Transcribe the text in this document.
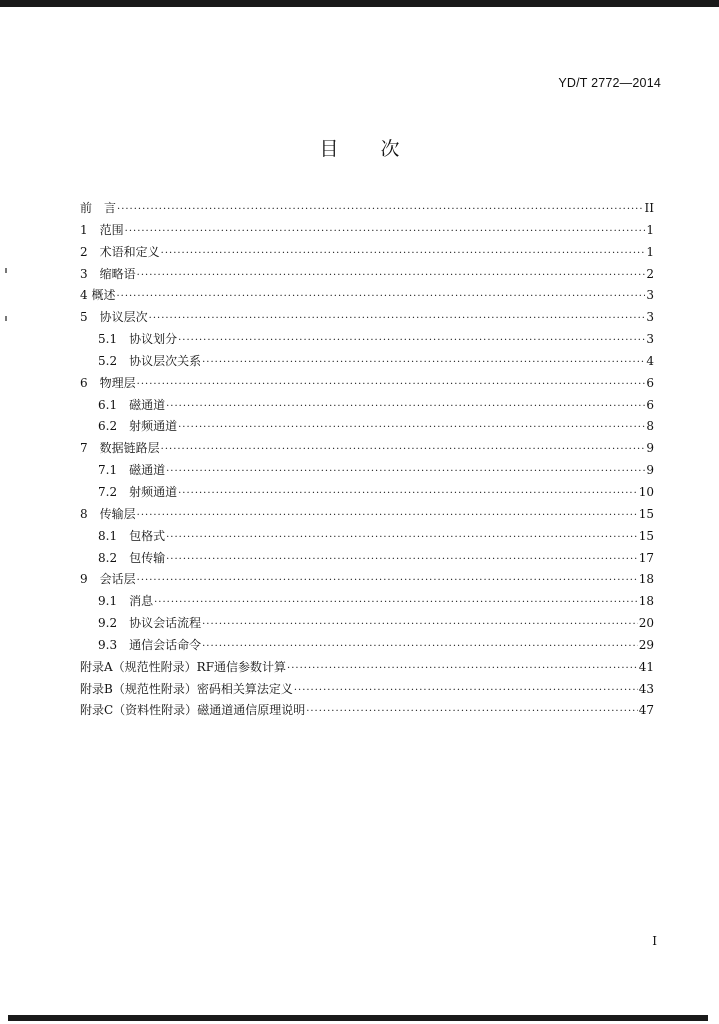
YD/T 2772—2014
目 次
前　言 ·····	II
1　 范围 ·····	1
2　 术语和定义 ·····	1
3　 缩略语 ·····	2
4 概述 ·····	3
5　 协议层次 ·····	3
5.1　 协议划分 ·····	3
5.2　 协议层次关系 ·····	4
6　 物理层 ·····	6
6.1　 磁通道 ·····	6
6.2　 射频通道 ·····	8
7　 数据链路层 ·····	9
7.1　 磁通道 ·····	9
7.2　 射频通道 ·····	10
8　 传输层 ·····	15
8.1　 包格式 ·····	15
8.2　 包传输 ·····	17
9　 会话层 ·····	18
9.1　 消息 ·····	18
9.2　 协议会话流程 ·····	20
9.3　 通信会话命令 ·····	29
附录A（规范性附录） RF通信参数计算 ·····	41
附录B（规范性附录） 密码相关算法定义 ·····	43
附录C（资料性附录） 磁通道通信原理说明 ·····	47
I
